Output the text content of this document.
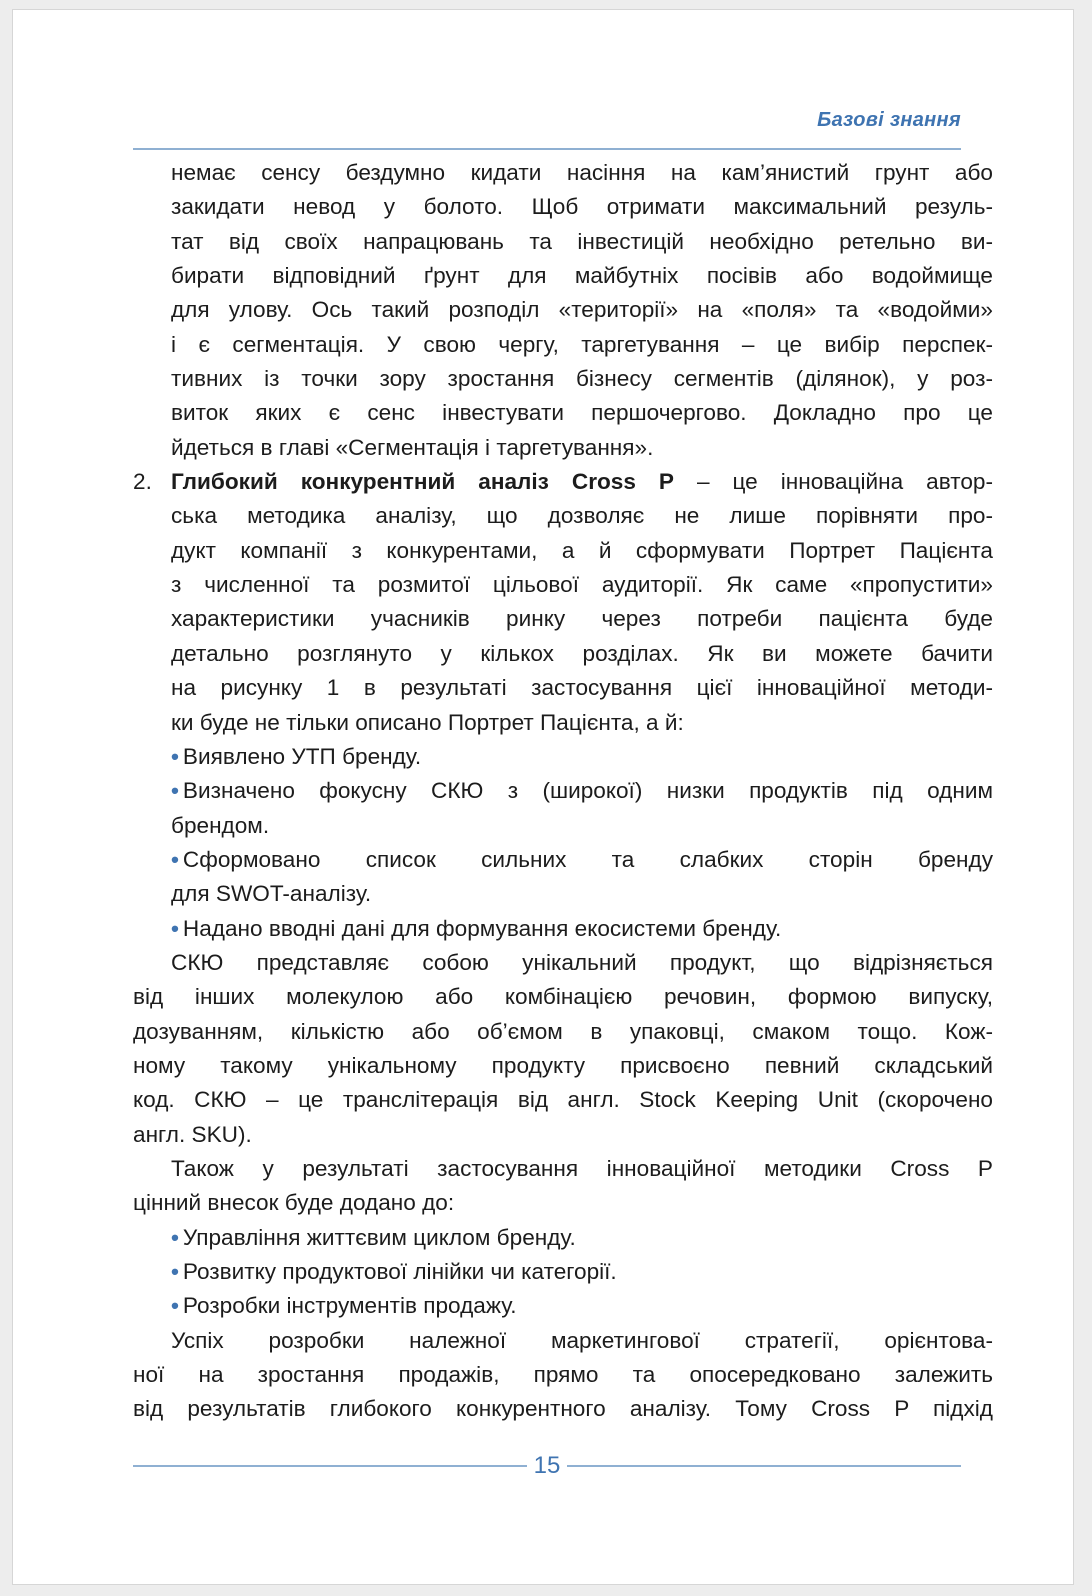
Базові знання
немає сенсу бездумно кидати насіння на кам’янистий грунт або
закидати невод у болото. Щоб отримати максимальний резуль-
тат від своїх напрацювань та інвестицій необхідно ретельно ви-
бирати відповідний ґрунт для майбутніх посівів або водоймище
для улову. Ось такий розподіл «території» на «поля» та «водойми»
і є сегментація. У свою чергу, таргетування – це вибір перспек-
тивних із точки зору зростання бізнесу сегментів (ділянок), у роз-
виток яких є сенс інвестувати першочергово. Докладно про це
йдеться в главі «Сегментація і таргетування».
2. Глибокий конкурентний аналіз Cross P – це інноваційна автор-
ська методика аналізу, що дозволяє не лише порівняти про-
дукт компанії з конкурентами, а й сформувати Портрет Пацієнта
з численної та розмитої цільової аудиторії. Як саме «пропустити»
характеристики учасників ринку через потреби пацієнта буде
детально розглянуто у кількох розділах. Як ви можете бачити
на рисунку 1 в результаті застосування цієї інноваційної методи-
ки буде не тільки описано Портрет Пацієнта, а й:
• Виявлено УТП бренду.
• Визначено фокусну СКЮ з (широкої) низки продуктів під одним
брендом.
• Сформовано список сильних та слабких сторін бренду
для SWOT-аналізу.
• Надано вводні дані для формування екосистеми бренду.
СКЮ представляє собою унікальний продукт, що відрізняється
від інших молекулою або комбінацією речовин, формою випуску,
дозуванням, кількістю або об’ємом в упаковці, смаком тощо. Кож-
ному такому унікальному продукту присвоєно певний складський
код. СКЮ – це транслітерація від англ. Stock Keeping Unit (скорочено
англ. SKU).
Також у результаті застосування інноваційної методики Cross P
цінний внесок буде додано до:
• Управління життєвим циклом бренду.
• Розвитку продуктової лінійки чи категорії.
• Розробки інструментів продажу.
Успіх розробки належної маркетингової стратегії, орієнтова-
ної на зростання продажів, прямо та опосередковано залежить
від результатів глибокого конкурентного аналізу. Тому Cross P підхід
15
